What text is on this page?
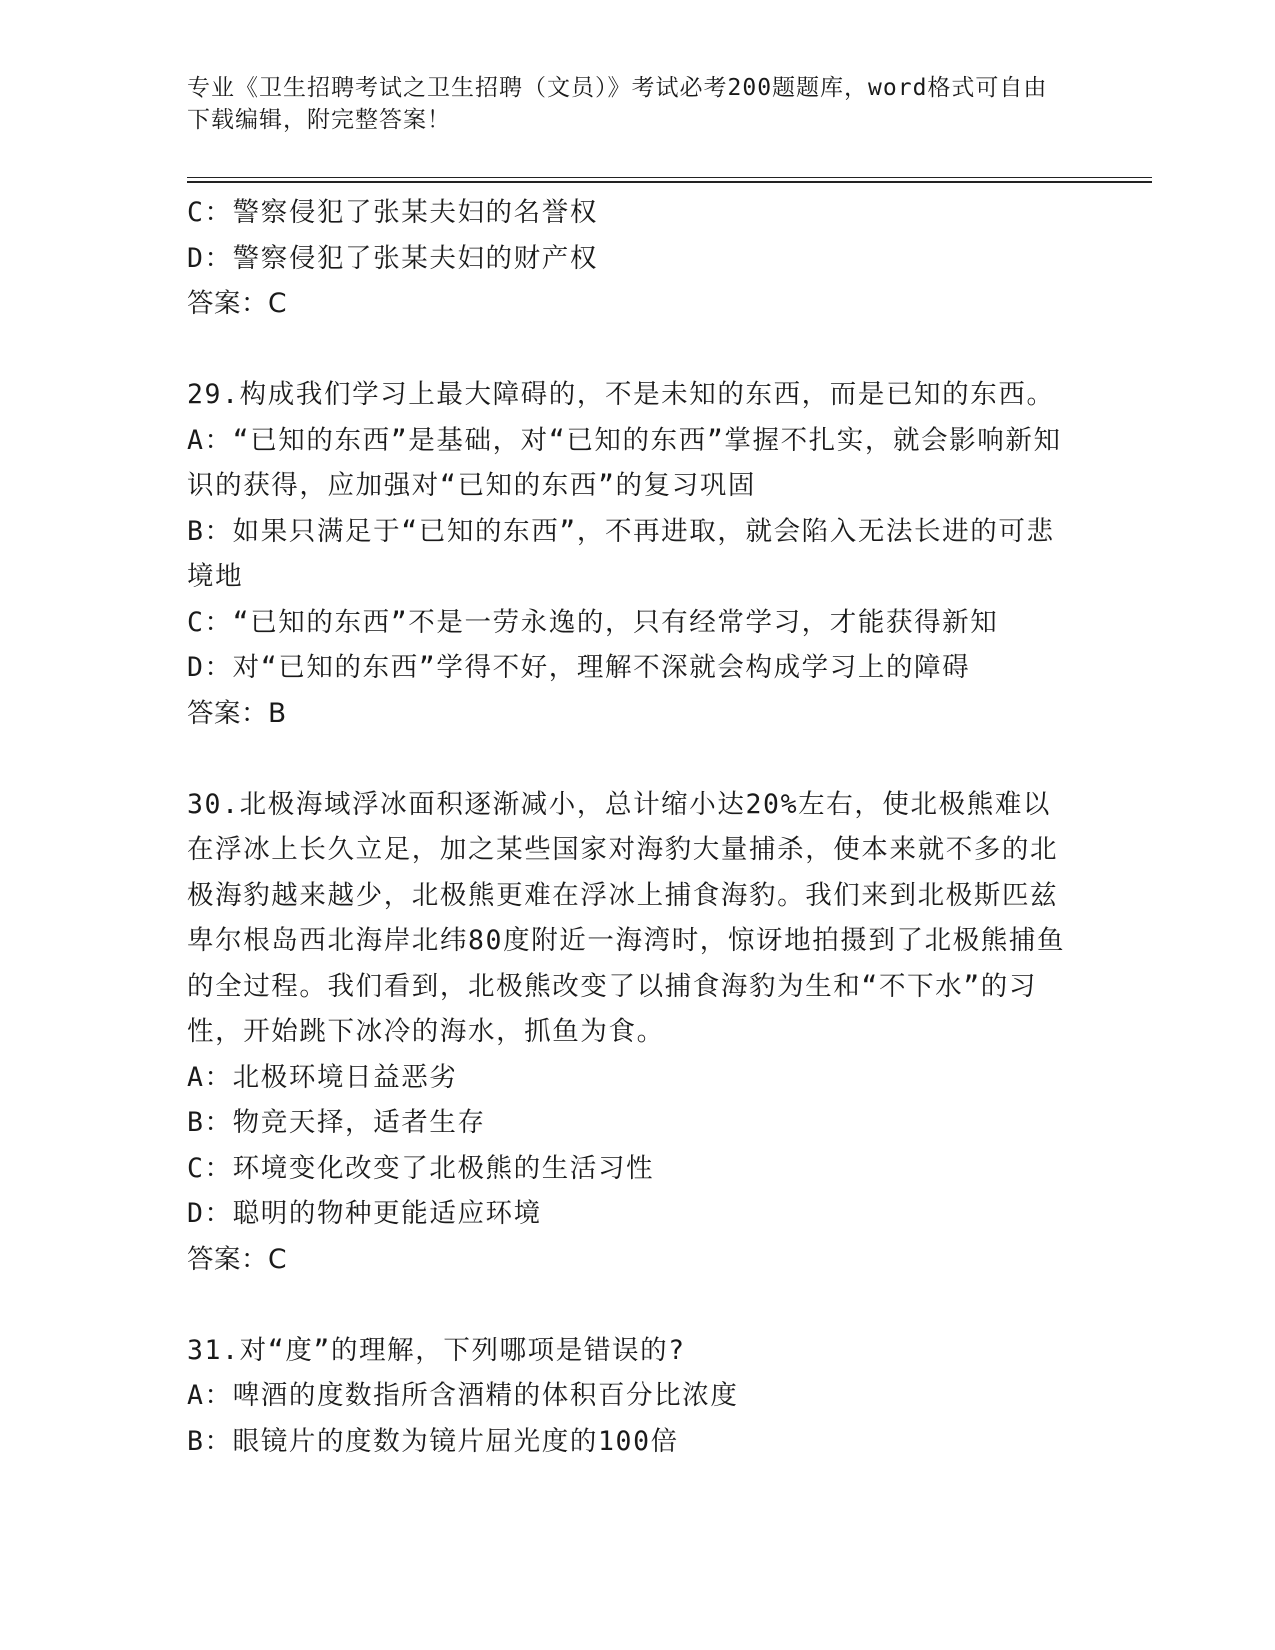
专业《卫生招聘考试之卫生招聘（文员）》考试必考200题题库，word格式可自由下载编辑，附完整答案！
C：警察侵犯了张某夫妇的名誉权
D：警察侵犯了张某夫妇的财产权
答案：C
29.构成我们学习上最大障碍的，不是未知的东西，而是已知的东西。
A：“已知的东西”是基础，对“已知的东西”掌握不扎实，就会影响新知识的获得，应加强对“已知的东西”的复习巩固
B：如果只满足于“已知的东西”，不再进取，就会陷入无法长进的可悲境地
C：“已知的东西”不是一劳永逸的，只有经常学习，才能获得新知
D：对“已知的东西”学得不好，理解不深就会构成学习上的障碍
答案：B
30.北极海域浮冰面积逐渐减小，总计缩小达20%左右，使北极熊难以在浮冰上长久立足，加之某些国家对海豹大量捕杀，使本来就不多的北极海豹越来越少，北极熊更难在浮冰上捕食海豹。我们来到北极斯匹兹卑尔根岛西北海岸北纬80度附近一海湾时，惊讶地拍摄到了北极熊捕鱼的全过程。我们看到，北极熊改变了以捕食海豹为生和“不下水”的习性，开始跳下冰冷的海水，抓鱼为食。
A：北极环境日益恶劣
B：物竞天择，适者生存
C：环境变化改变了北极熊的生活习性
D：聪明的物种更能适应环境
答案：C
31.对“度”的理解，下列哪项是错误的?
A：啤酒的度数指所含酒精的体积百分比浓度
B：眼镜片的度数为镜片屈光度的100倍
